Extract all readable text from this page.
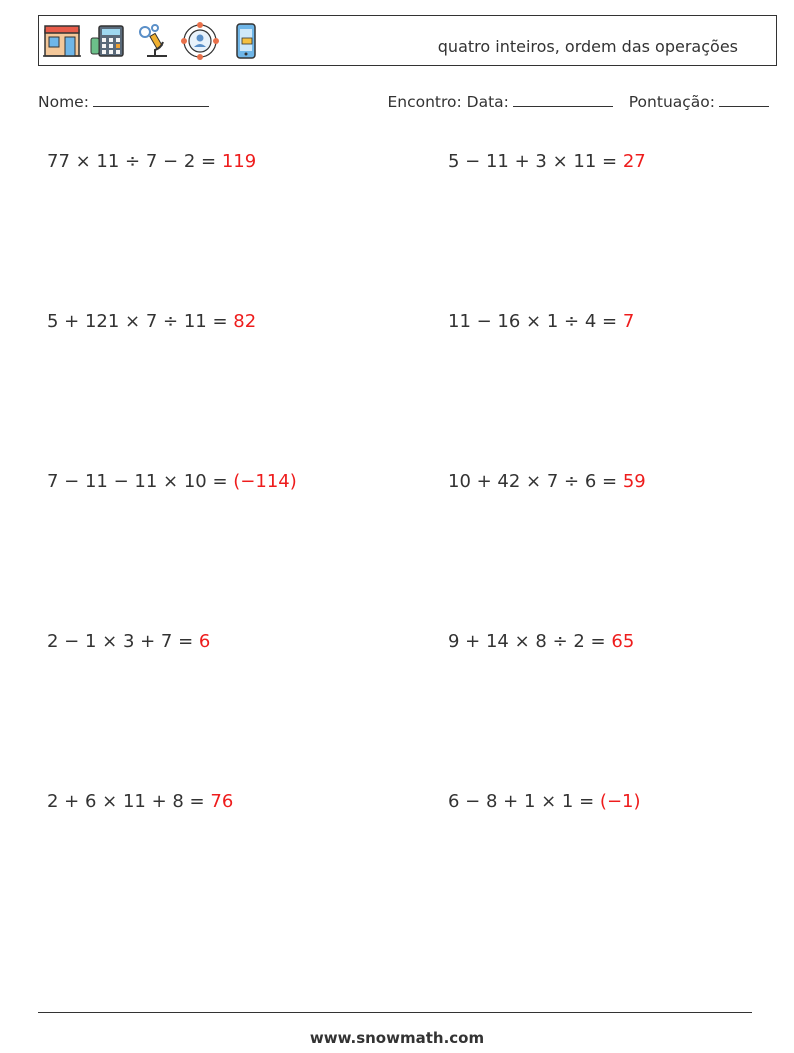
quatro inteiros, ordem das operações
Nome:	Encontro: Data:	Pontuação:
77 × 11 ÷ 7 − 2 = 119	5 − 11 + 3 × 11 = 27
5 + 121 × 7 ÷ 11 = 82	11 − 16 × 1 ÷ 4 = 7
7 − 11 − 11 × 10 = (−114)	10 + 42 × 7 ÷ 6 = 59
2 − 1 × 3 + 7 = 6	9 + 14 × 8 ÷ 2 = 65
2 + 6 × 11 + 8 = 76	6 − 8 + 1 × 1 = (−1)
www.snowmath.com
